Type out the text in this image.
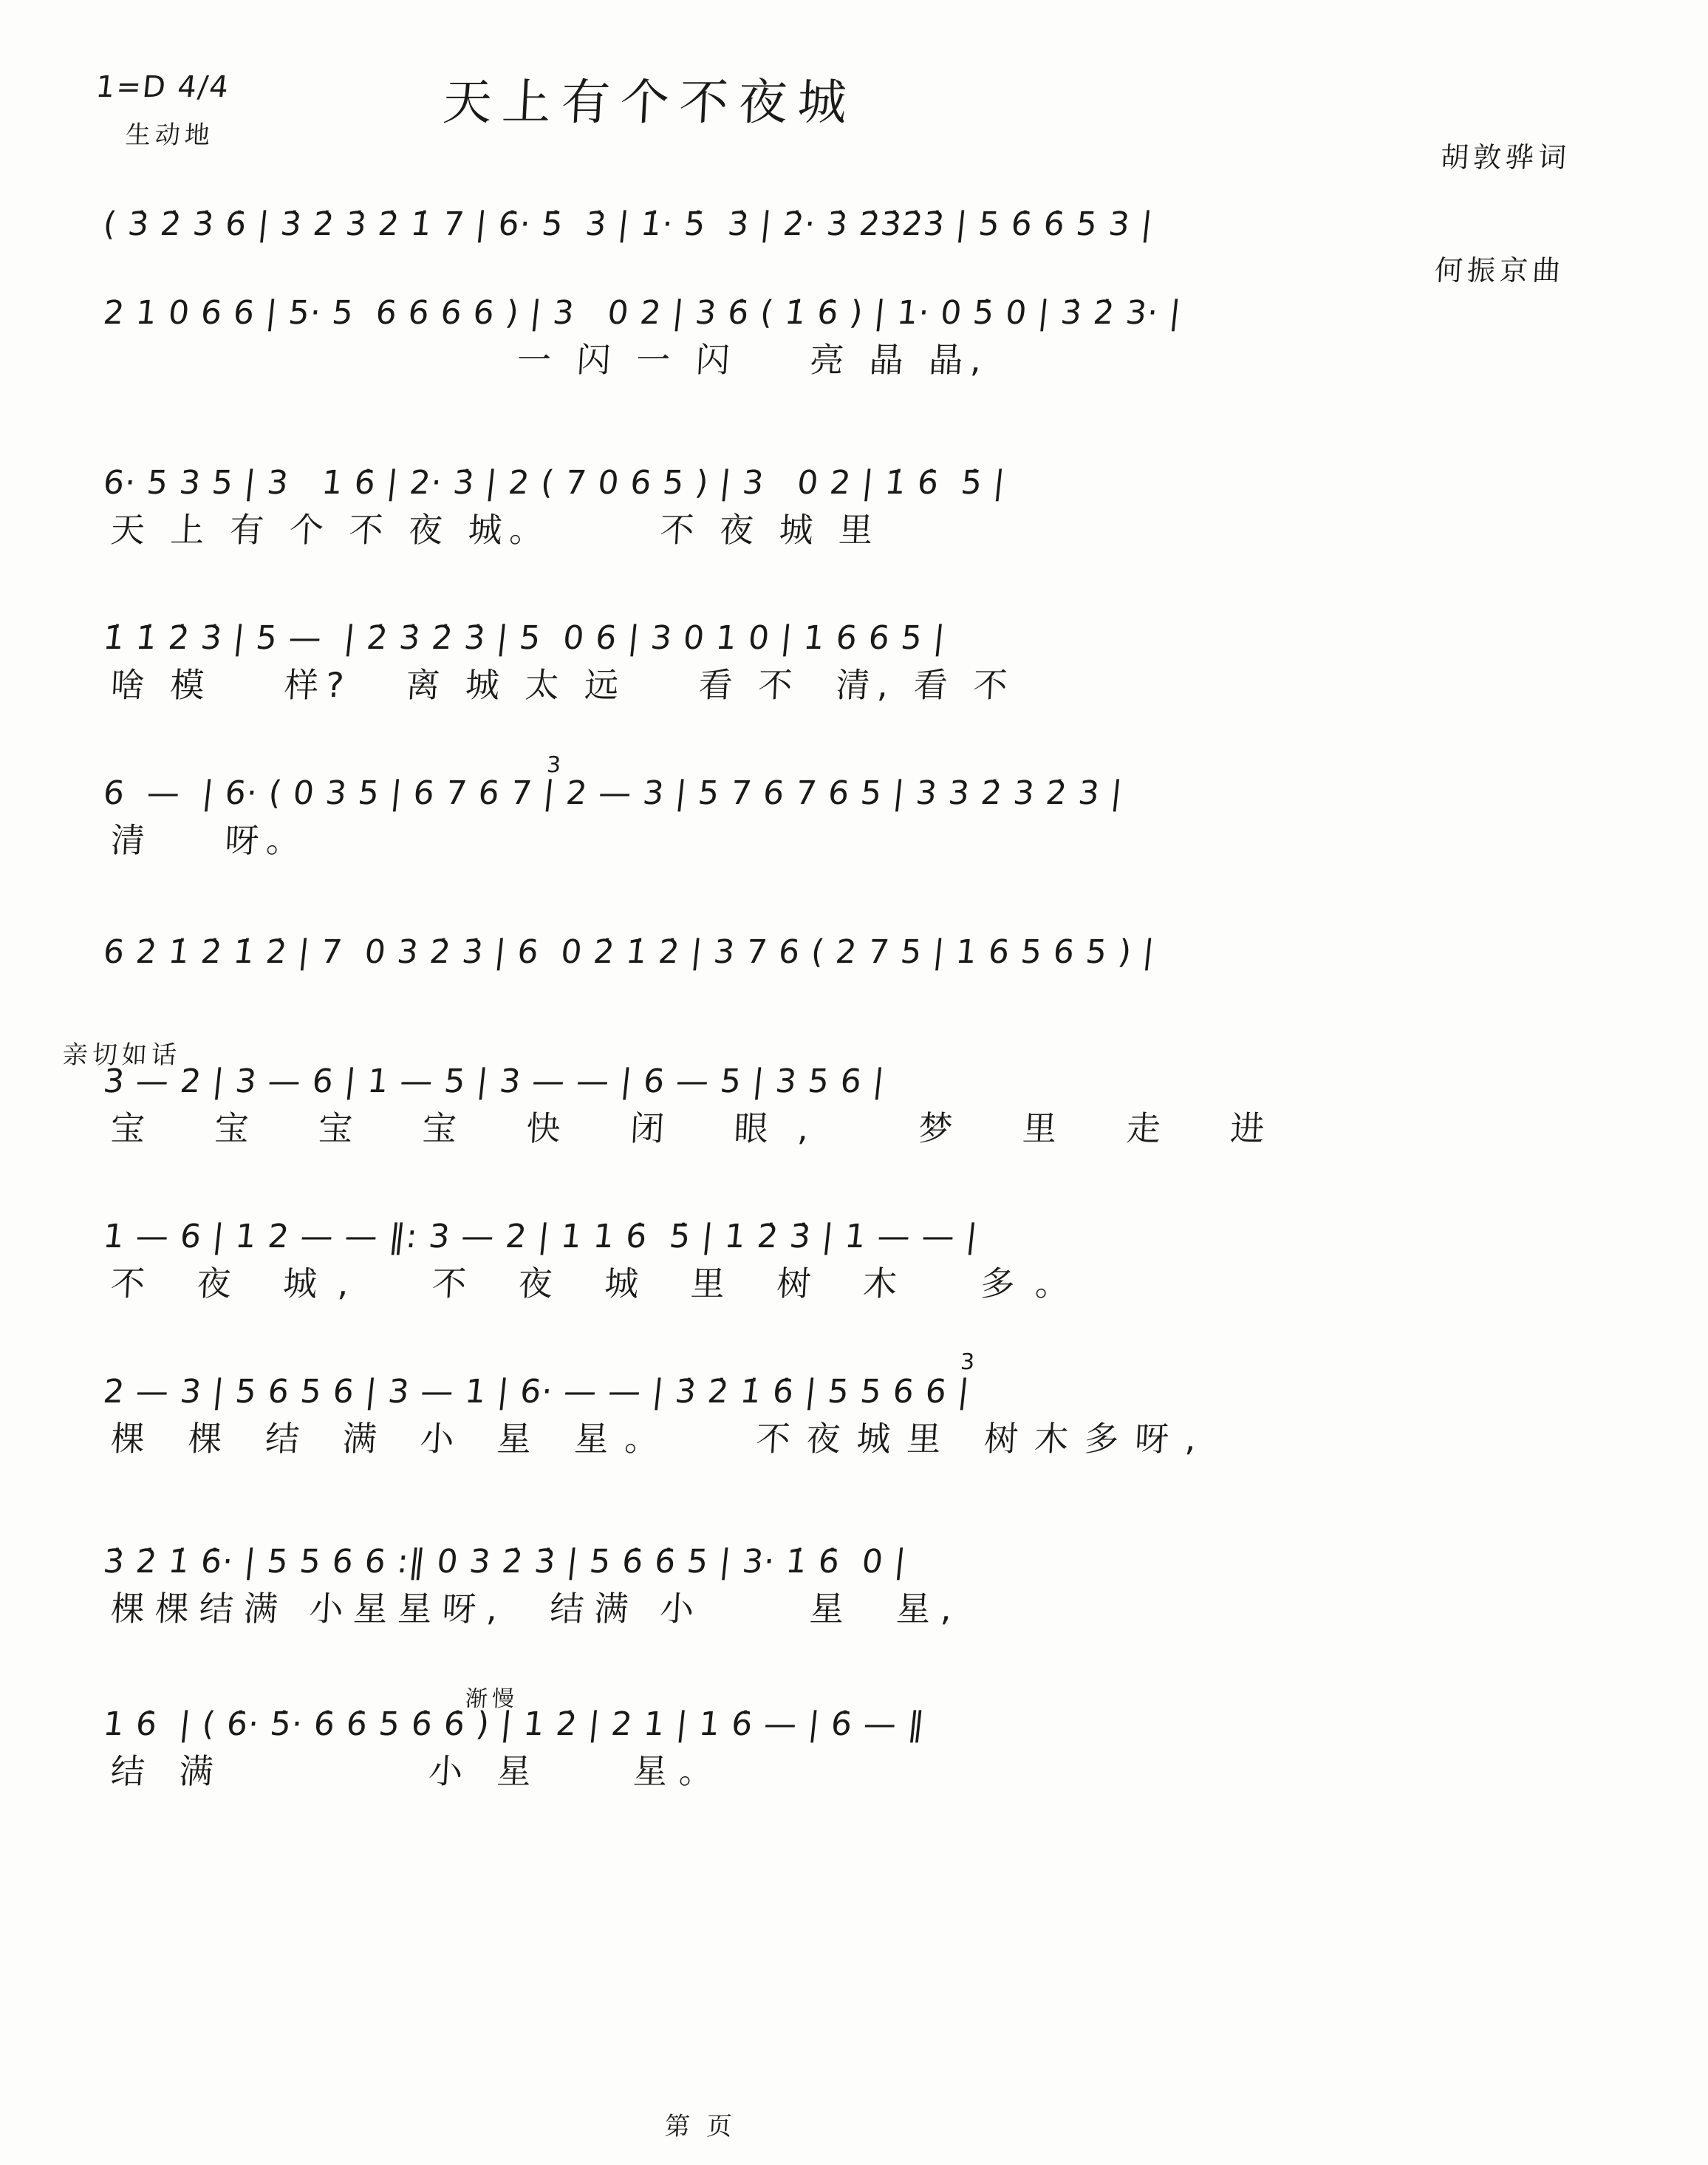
1=D 4/4
生动地
天上有个不夜城

胡敦骅词

何振京曲

( 3̇ 2̇ 3̇ 6̇ | 3̇ 2̇ 3̇ 2̇ 1̇ 7 | 6̇· 5̇  3̇ | 1̇· 5̇  3̇ | 2̇· 3̇ 2̇3̇2̇3̇ | 5 6̇ 6̇ 5 3 |
2 1 0 6 6 | 5· 5  6 6 6 6 ) | 3   0 2 | 3 6̇ ( 1̇ 6̇ ) | 1· 0 5̇ 0 | 3̇ 2̇ 3· |
一 闪 一 闪    亮 晶 晶,
6· 5 3 5 | 3   1 6̇ | 2· 3̇ | 2 ( 7 0 6 5 ) | 3   0 2 | 1̇ 6̇  5̇ |
天 上 有 个 不 夜 城。      不 夜 城 里
1̇ 1̇ 2̇ 3̇ | 5 —  | 2̇ 3̇ 2̇ 3̇ | 5  0 6 | 3 0 1 0 | 1 6 6 5 |
啥 模    样?   离 城 太 远    看 不  清, 看 不
3
6  —  | 6· ( 0 3 5 | 6 7 6 7 | 2 — 3 | 5 7 6 7 6 5 | 3 3 2̇ 3 2̇ 3 |
清    呀。
6 2̇ 1̇ 2̇ 1̇ 2̇ | 7  0 3 2̇ 3̇ | 6  0 2̇ 1̇ 2̇ | 3 7 6 ( 2 7 5 | 1 6 5 6 5 ) |
亲切如话
3 — 2 | 3 — 6 | 1 — 5 | 3 — — | 6 — 5 | 3 5 6 |
宝 宝 宝 宝 快 闭 眼,  梦 里 走 进
1 — 6 | 1 2 — — ‖: 3 — 2 | 1 1 6̇  5̇ | 1 2̇ 3̇ | 1 — — |
不 夜 城,  不 夜 城 里 树 木  多。
3
2 — 3 | 5 6 5 6 | 3 — 1 | 6· — — | 3̇ 2̇ 1̇ 6̇ | 5 5 6 6 |
棵 棵 结 满 小 星 星。   不夜城里 树木多呀,
3̇ 2̇ 1̇ 6̇· | 5 5 6 6 :‖ 0 3 2̇ 3̇ | 5 6̇ 6̇ 5 | 3· 1̇ 6̇  0 |
棵棵结满 小星星呀,  结满 小     星  星,
渐慢
1 6̇  | ( 6̇· 5̇· 6̇ 6̇ 5 6̇ 6̇ ) | 1 2̇ | 2 1 | 1 6̇ — | 6̇ — ‖
结 满         小 星    星。
第 页
